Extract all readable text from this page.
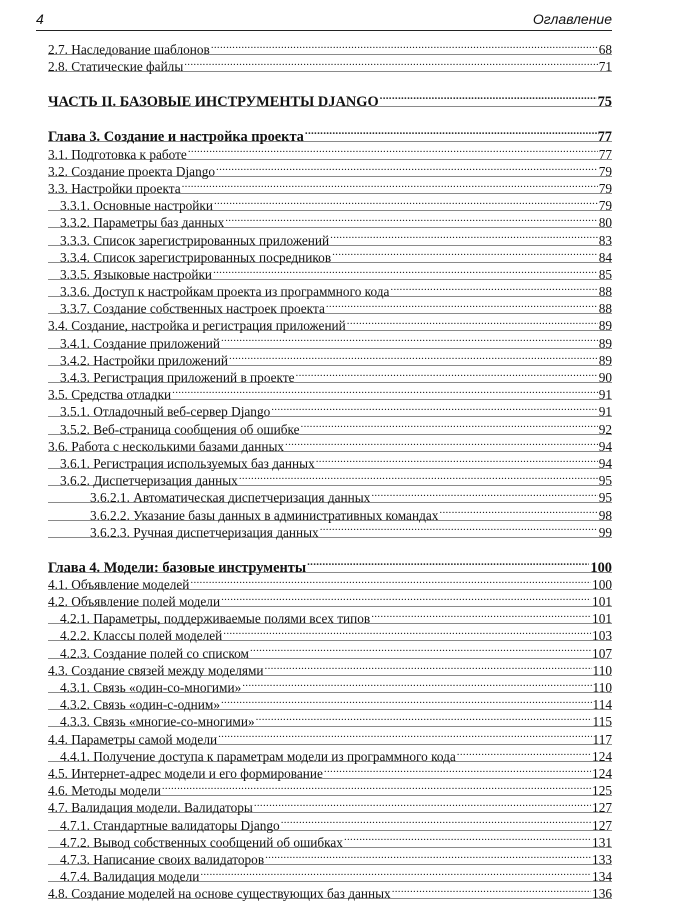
4	Оглавление
2.7. Наследование шаблонов .....	68
2.8. Статические файлы .....	71
ЧАСТЬ II. БАЗОВЫЕ ИНСТРУМЕНТЫ DJANGO .....	75
Глава 3. Создание и настройка проекта .....	77
3.1. Подготовка к работе .....	77
3.2. Создание проекта Django .....	79
3.3. Настройки проекта .....	79
3.3.1. Основные настройки .....	79
3.3.2. Параметры баз данных .....	80
3.3.3. Список зарегистрированных приложений .....	83
3.3.4. Список зарегистрированных посредников .....	84
3.3.5. Языковые настройки .....	85
3.3.6. Доступ к настройкам проекта из программного кода .....	88
3.3.7. Создание собственных настроек проекта .....	88
3.4. Создание, настройка и регистрация приложений .....	89
3.4.1. Создание приложений .....	89
3.4.2. Настройки приложений .....	89
3.4.3. Регистрация приложений в проекте .....	90
3.5. Средства отладки .....	91
3.5.1. Отладочный веб-сервер Django .....	91
3.5.2. Веб-страница сообщения об ошибке .....	92
3.6. Работа с несколькими базами данных .....	94
3.6.1. Регистрация используемых баз данных .....	94
3.6.2. Диспетчеризация данных .....	95
3.6.2.1. Автоматическая диспетчеризация данных .....	95
3.6.2.2. Указание базы данных в административных командах .....	98
3.6.2.3. Ручная диспетчеризация данных .....	99
Глава 4. Модели: базовые инструменты .....	100
4.1. Объявление моделей .....	100
4.2. Объявление полей модели .....	101
4.2.1. Параметры, поддерживаемые полями всех типов .....	101
4.2.2. Классы полей моделей .....	103
4.2.3. Создание полей со списком .....	107
4.3. Создание связей между моделями .....	110
4.3.1. Связь «один-со-многими» .....	110
4.3.2. Связь «один-с-одним» .....	114
4.3.3. Связь «многие-со-многими» .....	115
4.4. Параметры самой модели .....	117
4.4.1. Получение доступа к параметрам модели из программного кода .....	124
4.5. Интернет-адрес модели и его формирование .....	124
4.6. Методы модели .....	125
4.7. Валидация модели. Валидаторы .....	127
4.7.1. Стандартные валидаторы Django .....	127
4.7.2. Вывод собственных сообщений об ошибках .....	131
4.7.3. Написание своих валидаторов .....	133
4.7.4. Валидация модели .....	134
4.8. Создание моделей на основе существующих баз данных .....	136
